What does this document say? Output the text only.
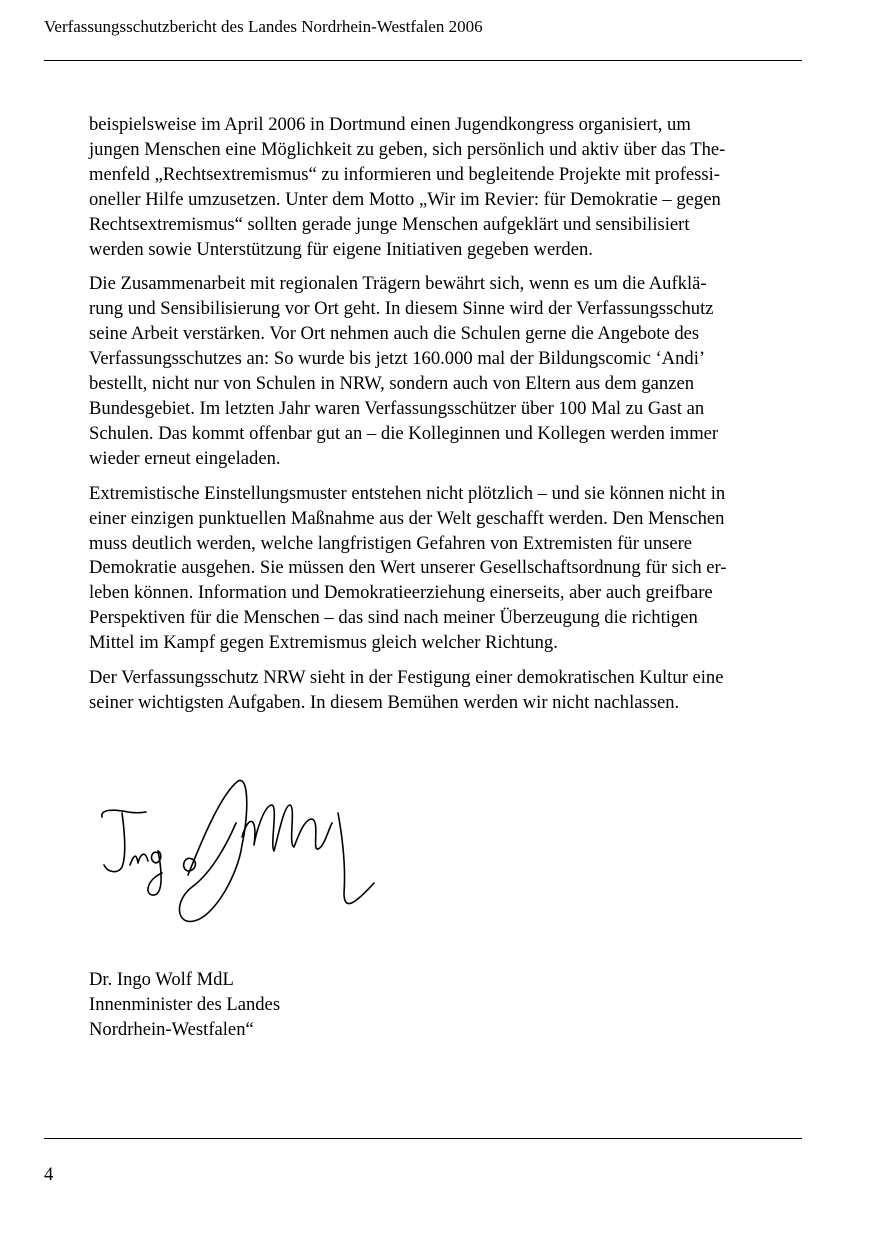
Verfassungsschutzbericht des Landes Nordrhein-Westfalen 2006

beispielsweise im April 2006 in Dortmund einen Jugendkongress organisiert, um
jungen Menschen eine Möglichkeit zu geben, sich persönlich und aktiv über das The-
menfeld „Rechtsextremismus“ zu informieren und begleitende Projekte mit professi-
oneller Hilfe umzusetzen. Unter dem Motto „Wir im Revier: für Demokratie – gegen
Rechtsextremismus“ sollten gerade junge Menschen aufgeklärt und sensibilisiert
werden sowie Unterstützung für eigene Initiativen gegeben werden.

Die Zusammenarbeit mit regionalen Trägern bewährt sich, wenn es um die Aufklä-
rung und Sensibilisierung vor Ort geht. In diesem Sinne wird der Verfassungsschutz
seine Arbeit verstärken. Vor Ort nehmen auch die Schulen gerne die Angebote des
Verfassungsschutzes an: So wurde bis jetzt 160.000 mal der Bildungscomic ‘Andi’
bestellt, nicht nur von Schulen in NRW, sondern auch von Eltern aus dem ganzen
Bundesgebiet. Im letzten Jahr waren Verfassungsschützer über 100 Mal zu Gast an
Schulen. Das kommt offenbar gut an – die Kolleginnen und Kollegen werden immer
wieder erneut eingeladen.

Extremistische Einstellungsmuster entstehen nicht plötzlich – und sie können nicht in
einer einzigen punktuellen Maßnahme aus der Welt geschafft werden. Den Menschen
muss deutlich werden, welche langfristigen Gefahren von Extremisten für unsere
Demokratie ausgehen. Sie müssen den Wert unserer Gesellschaftsordnung für sich er-
leben können. Information und Demokratieerziehung einerseits, aber auch greifbare
Perspektiven für die Menschen – das sind nach meiner Überzeugung die richtigen
Mittel im Kampf gegen Extremismus gleich welcher Richtung.

Der Verfassungsschutz NRW sieht in der Festigung einer demokratischen Kultur eine
seiner wichtigsten Aufgaben. In diesem Bemühen werden wir nicht nachlassen.

Dr. Ingo Wolf MdL
Innenminister des Landes
Nordrhein-Westfalen“
4
